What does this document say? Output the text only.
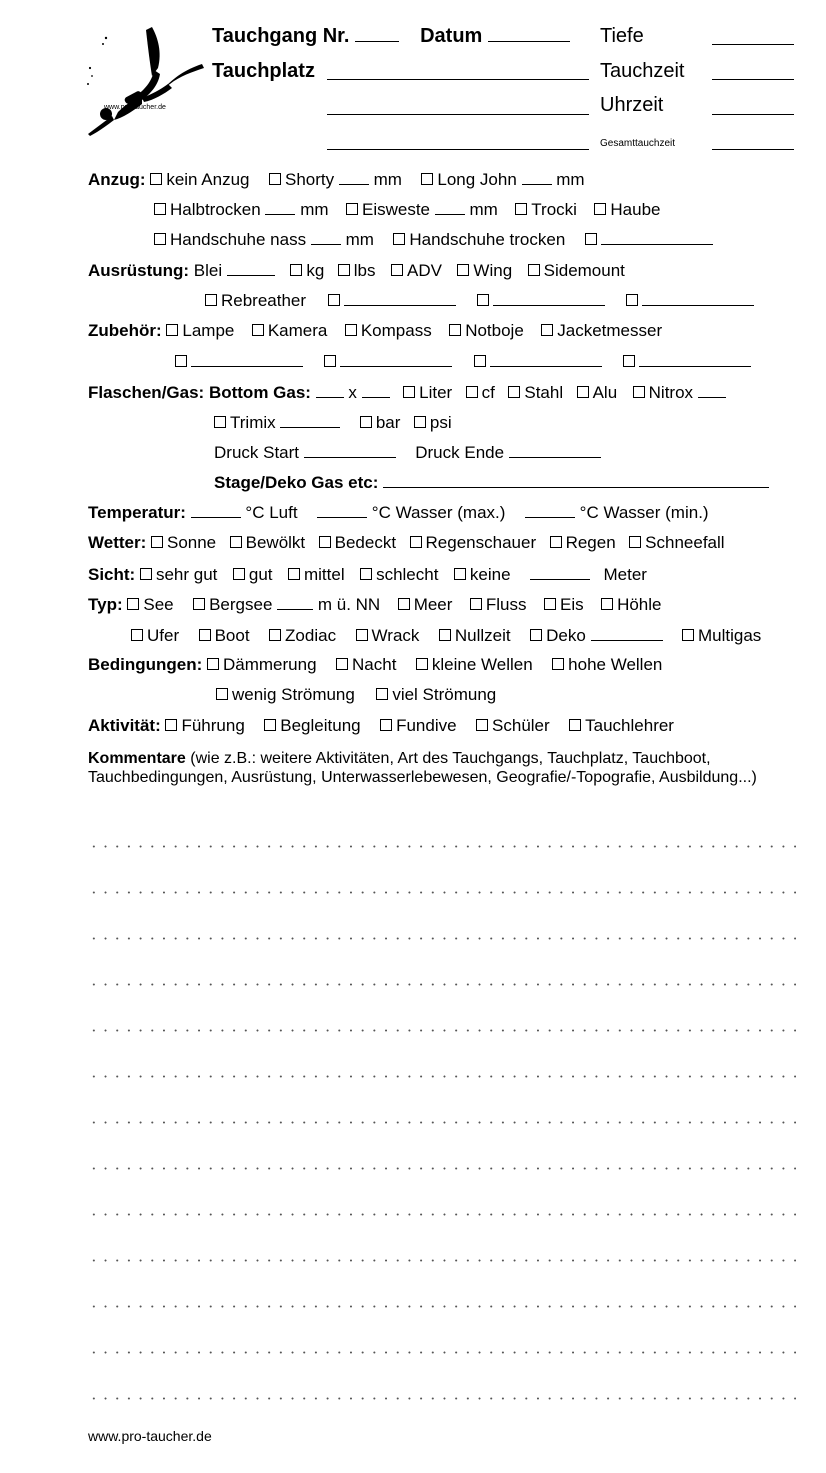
www.pro-taucher.de
Tauchgang Nr.	Datum	Tiefe
Tauchplatz	Tauchzeit
Uhrzeit
Gesamttauchzeit
Anzug: kein Anzug Shorty mm Long John mm
Halbtrocken mm Eisweste mm Trocki Haube
Handschuhe nass mm Handschuhe trocken
Ausrüstung: Blei	kg lbs ADV Wing Sidemount
Rebreather
Zubehör: Lampe Kamera Kompass Notboje Jacketmesser

Flaschen/Gas: Bottom Gas: x	Liter cf Stahl Alu Nitrox
Trimix	bar psi
Druck Start	Druck Ende
Stage/Deko Gas etc:
Temperatur:	°C Luft	°C Wasser (max.)	°C Wasser (min.)
Wetter: Sonne Bewölkt Bedeckt Regenschauer Regen Schneefall
Sicht: sehr gut gut mittel schlecht keine	Meter
Typ: See Bergsee	m ü. NN Meer Fluss Eis Höhle
Ufer Boot Zodiac Wrack Nullzeit Deko	Multigas
Bedingungen: Dämmerung Nacht kleine Wellen hohe Wellen
wenig Strömung viel Strömung
Aktivität: Führung Begleitung Fundive Schüler Tauchlehrer
Kommentare (wie z.B.: weitere Aktivitäten, Art des Tauchgangs, Tauchplatz, Tauchboot, Tauchbedingungen, Ausrüstung, Unterwasserlebewesen, Geografie/-Topografie, Ausbildung...)
www.pro-taucher.de
